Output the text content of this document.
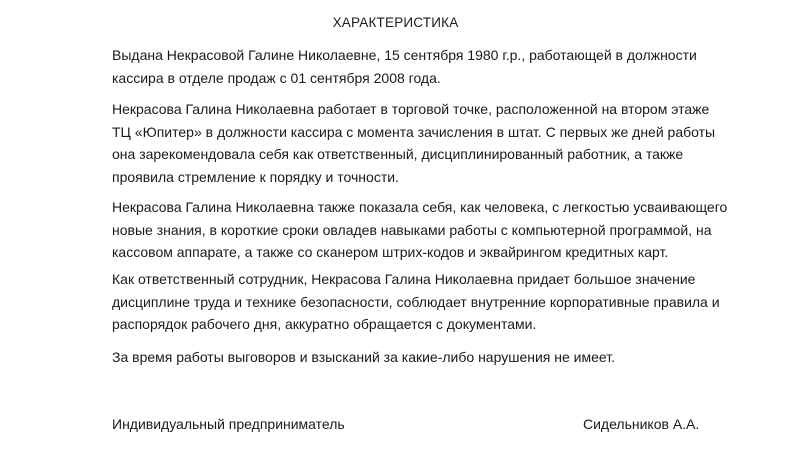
ХАРАКТЕРИСТИКА

Выдана Некрасовой Галине Николаевне, 15 сентября 1980 г.р., работающей в должности кассира в отделе продаж с 01 сентября 2008 года.

Некрасова Галина Николаевна работает в торговой точке, расположенной на втором этаже ТЦ «Юпитер» в должности кассира с момента зачисления в штат. С первых же дней работы она зарекомендовала себя как ответственный, дисциплинированный работник, а также проявила стремление к порядку и точности.

Некрасова Галина Николаевна также показала себя, как человека, с легкостью усваивающего новые знания, в короткие сроки овладев навыками работы с компьютерной программой, на кассовом аппарате, а также со сканером штрих-кодов и эквайрингом кредитных карт.

Как ответственный сотрудник, Некрасова Галина Николаевна придает большое значение дисциплине труда и технике безопасности, соблюдает внутренние корпоративные правила и распорядок рабочего дня, аккуратно обращается с документами.

За время работы выговоров и взысканий за какие-либо нарушения не имеет.

Индивидуальный предприниматель	Сидельников А.А.
